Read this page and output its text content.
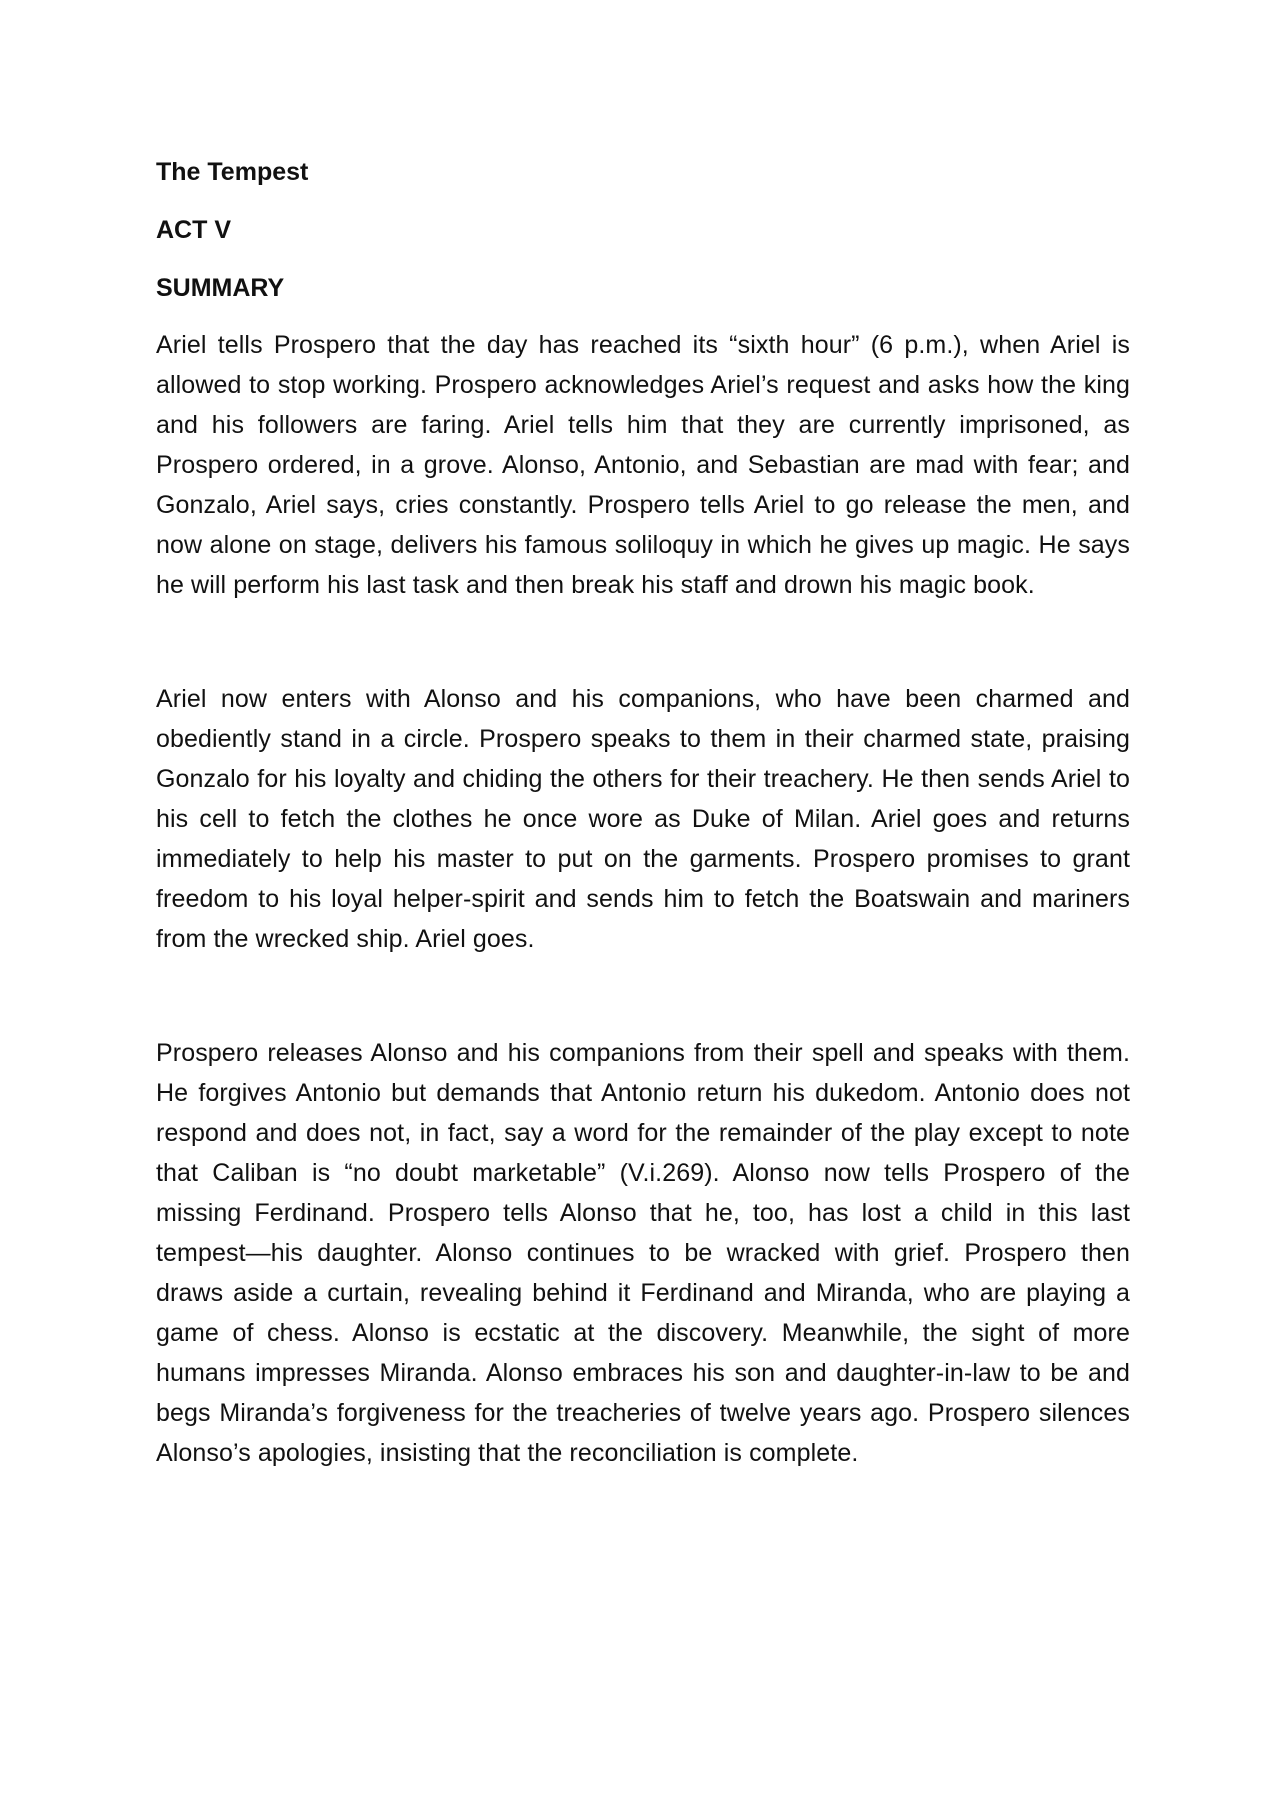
The Tempest
ACT V
SUMMARY

Ariel tells Prospero that the day has reached its “sixth hour” (6 p.m.), when Ariel is allowed to stop working. Prospero acknowledges Ariel’s request and asks how the king and his followers are faring. Ariel tells him that they are currently imprisoned, as Prospero ordered, in a grove. Alonso, Antonio, and Sebastian are mad with fear; and Gonzalo, Ariel says, cries constantly. Prospero tells Ariel to go release the men, and now alone on stage, delivers his famous soliloquy in which he gives up magic. He says he will perform his last task and then break his staff and drown his magic book.

Ariel now enters with Alonso and his companions, who have been charmed and obediently stand in a circle. Prospero speaks to them in their charmed state, praising Gonzalo for his loyalty and chiding the others for their treachery. He then sends Ariel to his cell to fetch the clothes he once wore as Duke of Milan. Ariel goes and returns immediately to help his master to put on the garments. Prospero promises to grant freedom to his loyal helper-spirit and sends him to fetch the Boatswain and mariners from the wrecked ship. Ariel goes.

Prospero releases Alonso and his companions from their spell and speaks with them. He forgives Antonio but demands that Antonio return his dukedom. Antonio does not respond and does not, in fact, say a word for the remainder of the play except to note that Caliban is “no doubt marketable” (V.i.269). Alonso now tells Prospero of the missing Ferdinand. Prospero tells Alonso that he, too, has lost a child in this last tempest—his daughter. Alonso continues to be wracked with grief. Prospero then draws aside a curtain, revealing behind it Ferdinand and Miranda, who are playing a game of chess. Alonso is ecstatic at the discovery. Meanwhile, the sight of more humans impresses Miranda. Alonso embraces his son and daughter-in-law to be and begs Miranda’s forgiveness for the treacheries of twelve years ago. Prospero silences Alonso’s apologies, insisting that the reconciliation is complete.
